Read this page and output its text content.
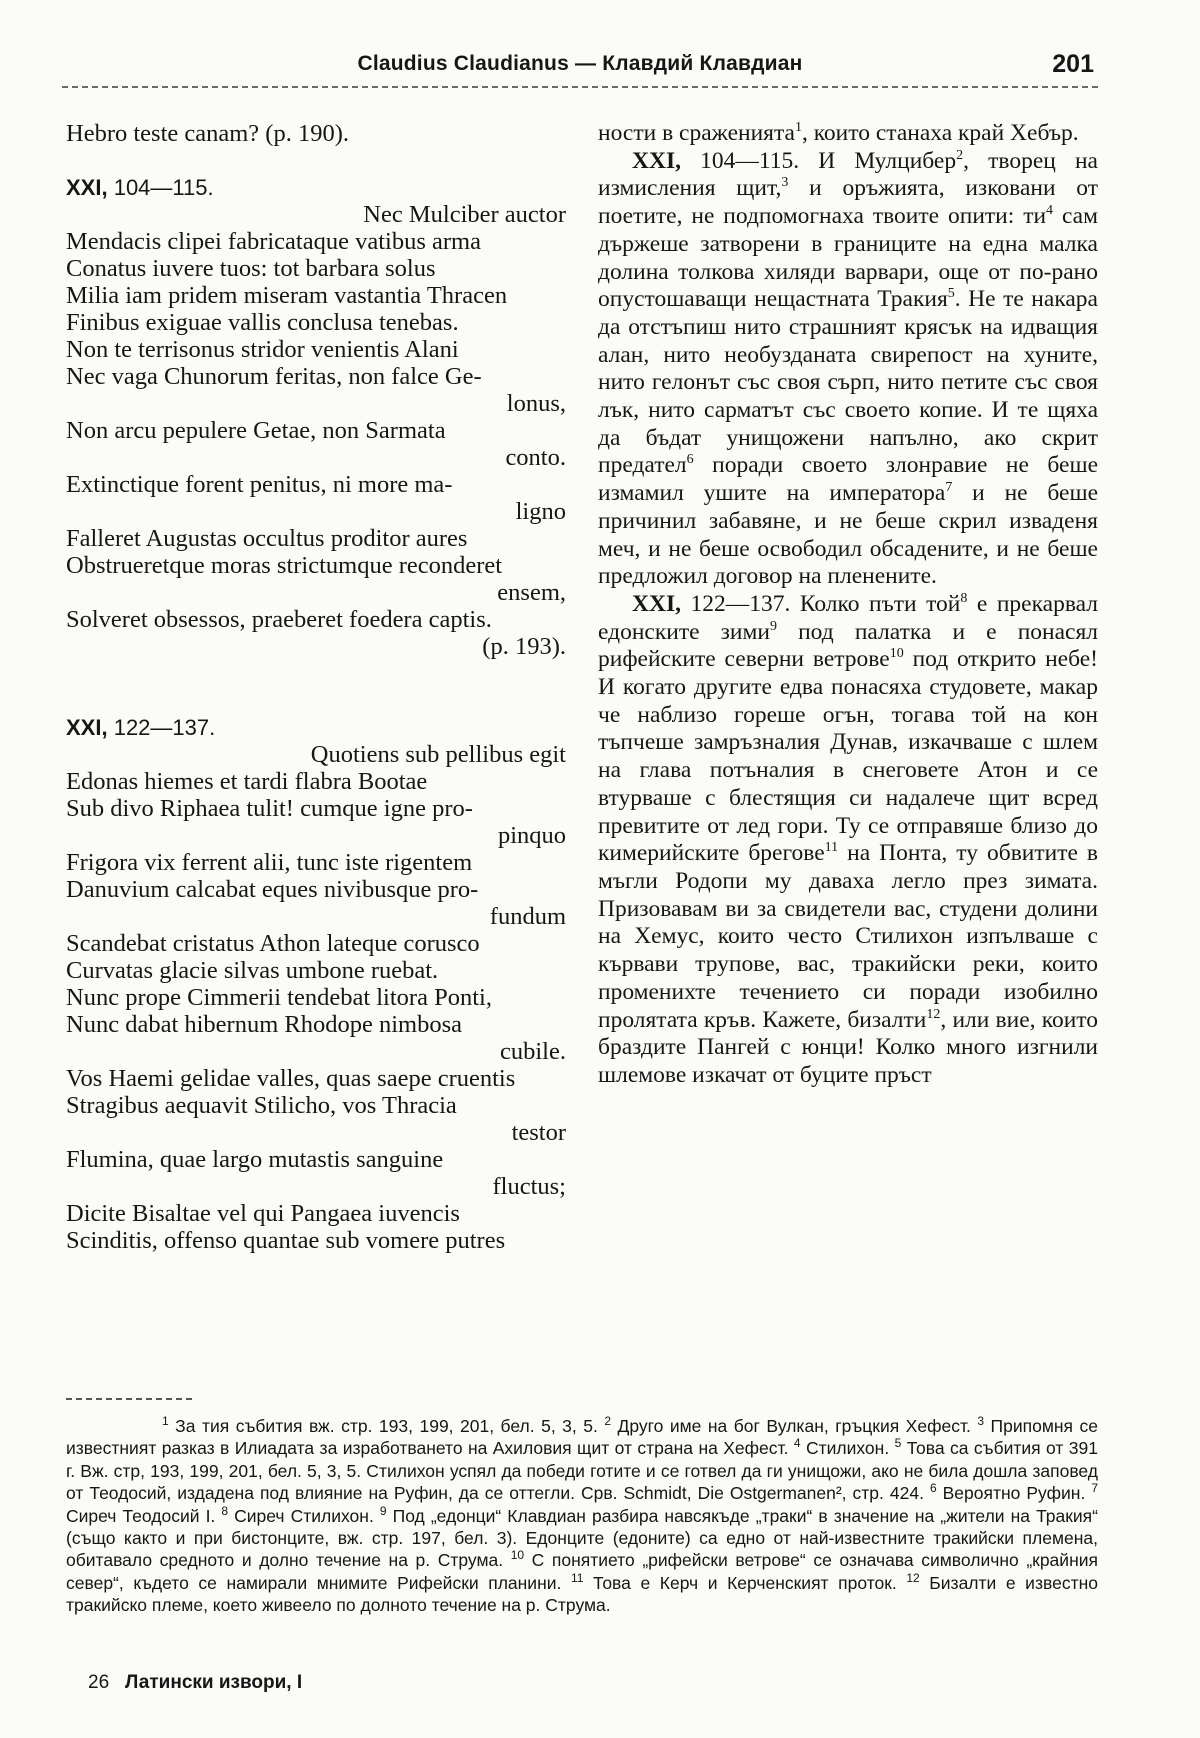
Claudius Claudianus — Клавдий Клавдиан	201
Hebro teste canam? (p. 190).
XXI, 104—115.
Nec Mulciber auctor
Mendacis clipei fabricataque vatibus arma
Conatus iuvere tuos: tot barbara solus
Milia iam pridem miseram vastantia Thracen
Finibus exiguae vallis conclusa tenebas.
Non te terrisonus stridor venientis Alani
Nec vaga Chunorum feritas, non falce Ge-
lonus,
Non arcu pepulere Getae, non Sarmata
conto.
Extinctique forent penitus, ni more ma-
ligno
Falleret Augustas occultus proditor aures
Obstrueretque moras strictumque reconderet
ensem,
Solveret obsessos, praeberet foedera captis.
(p. 193).
XXI, 122—137.
Quotiens sub pellibus egit
Edonas hiemes et tardi flabra Bootae
Sub divo Riphaea tulit! cumque igne pro-
pinquo
Frigora vix ferrent alii, tunc iste rigentem
Danuvium calcabat eques nivibusque pro-
fundum
Scandebat cristatus Athon lateque corusco
Curvatas glacie silvas umbone ruebat.
Nunc prope Cimmerii tendebat litora Ponti,
Nunc dabat hibernum Rhodope nimbosa
cubile.
Vos Haemi gelidae valles, quas saepe cruentis
Stragibus aequavit Stilicho, vos Thracia
testor
Flumina, quae largo mutastis sanguine
fluctus;
Dicite Bisaltae vel qui Pangaea iuvencis
Scinditis, offenso quantae sub vomere putres

ности в сраженията$^1$, които станаха край Хебър.

XXI, 104—115. И Мулцибер$^2$, творец на измисления щит,$^3$ и оръжията, изковани от поетите, не подпомогнаха твоите опити: $ти^4$ сам държеше затворени в границите на една малка долина толкова хиляди варвари, още от по-рано опустошаващи нещастната Тракия$^5$. Не те накара да отстъпиш нито страшният крясък на идващия алан, нито необузданата свирепост на хуните, нито гелонът със своя сърп, нито петите със своя лък, нито сарматът със своето копие. И те щяха да бъдат унищожени напълно, ако скрит предател$^6$ поради своето злонравие не беше измамил ушите на императора$^7$ и не беше причинил забавяне, и не беше скрил изваденя меч, и не беше освободил обсадените, и не беше предложил договор на пленените.

XXI, 122—137. Колко пъти той$^8$ е прекарвал едонските зими$^9$ под палатка и е понасял рифейските северни ветрове$^{10}$ под открито небе! И когато другите едва понасяха студовете, макар че наблизо гореше огън, тогава той на кон тъпчеше замръзналия Дунав, изкачваше с шлем на глава потъналия в снеговете Атон и се втурваше с блестящия си надалече щит всред превитите от лед гори. Ту се отправяше близо до кимерийските брегове$^{11}$ на Понта, ту обвитите в мъгли Родопи му даваха легло през зимата. Призовавам ви за свидетели вас, студени долини на Хемус, които често Стилихон изпълваше с кървави трупове, вас, тракийски реки, които променихте течението си поради изобилно пролятата кръв. Кажете, бизалти$^{12}$, или вие, които браздите Пангей с юнци! Колко много изгнили шлемове изкачат от буците пръст

$^1$ За тия събития вж. стр. 193, 199, 201, бел. 5, 3, 5. $^2$ Друго име на бог Вулкан, гръцкия Хефест. $^3$ Припомня се известният разказ в Илиадата за изработването на Ахиловия щит от страна на Хефест. $^4$ Стилихон. $^5$ Това са събития от 391 г. Вж. стр, 193, 199, 201, бел. 5, 3, 5. Стилихон успял да победи готите и се готвел да ги унищожи, ако не била дошла заповед от Теодосий, издадена под влияние на Руфин, да се оттегли. Срв. Schmidt, Die Ostgermanen², стр. 424. $^6$ Вероятно Руфин. $^7$ Сиреч Теодосий I. $^8$ Сиреч Стилихон. $^9$ Под „едонци“ Клавдиан разбира навсякъде „траки“ в значение на „жители на Тракия“ (също както и при бистонците, вж. стр. 197, бел. 3). Едонците (едоните) са едно от най-известните тракийски племена, обитавало средното и долно течение на р. Струма. $^{10}$ С понятието „рифейски ветрове“ се означава символично „крайния север“, където се намирали мнимите Рифейски планини. $^{11}$ Това е Керч и Керченският проток. $^{12}$ Бизалти е известно тракийско племе, което живеело по долното течение на р. Струма.
26 Латински извори, I
